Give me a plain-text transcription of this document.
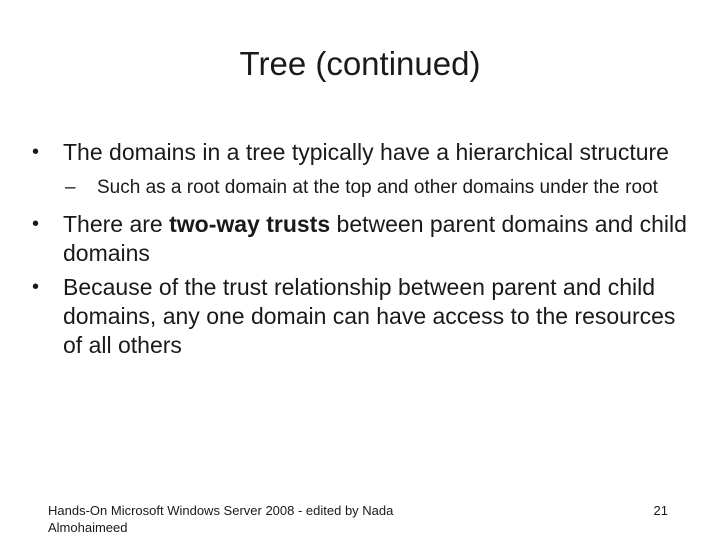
Tree (continued)
• The domains in a tree typically have a hierarchical structure
– Such as a root domain at the top and other domains under the root
• There are two-way trusts between parent domains and child domains
• Because of the trust relationship between parent and child domains, any one domain can have access to the resources of all others
Hands-On Microsoft Windows Server 2008 - edited by Nada Almohaimeed
21
